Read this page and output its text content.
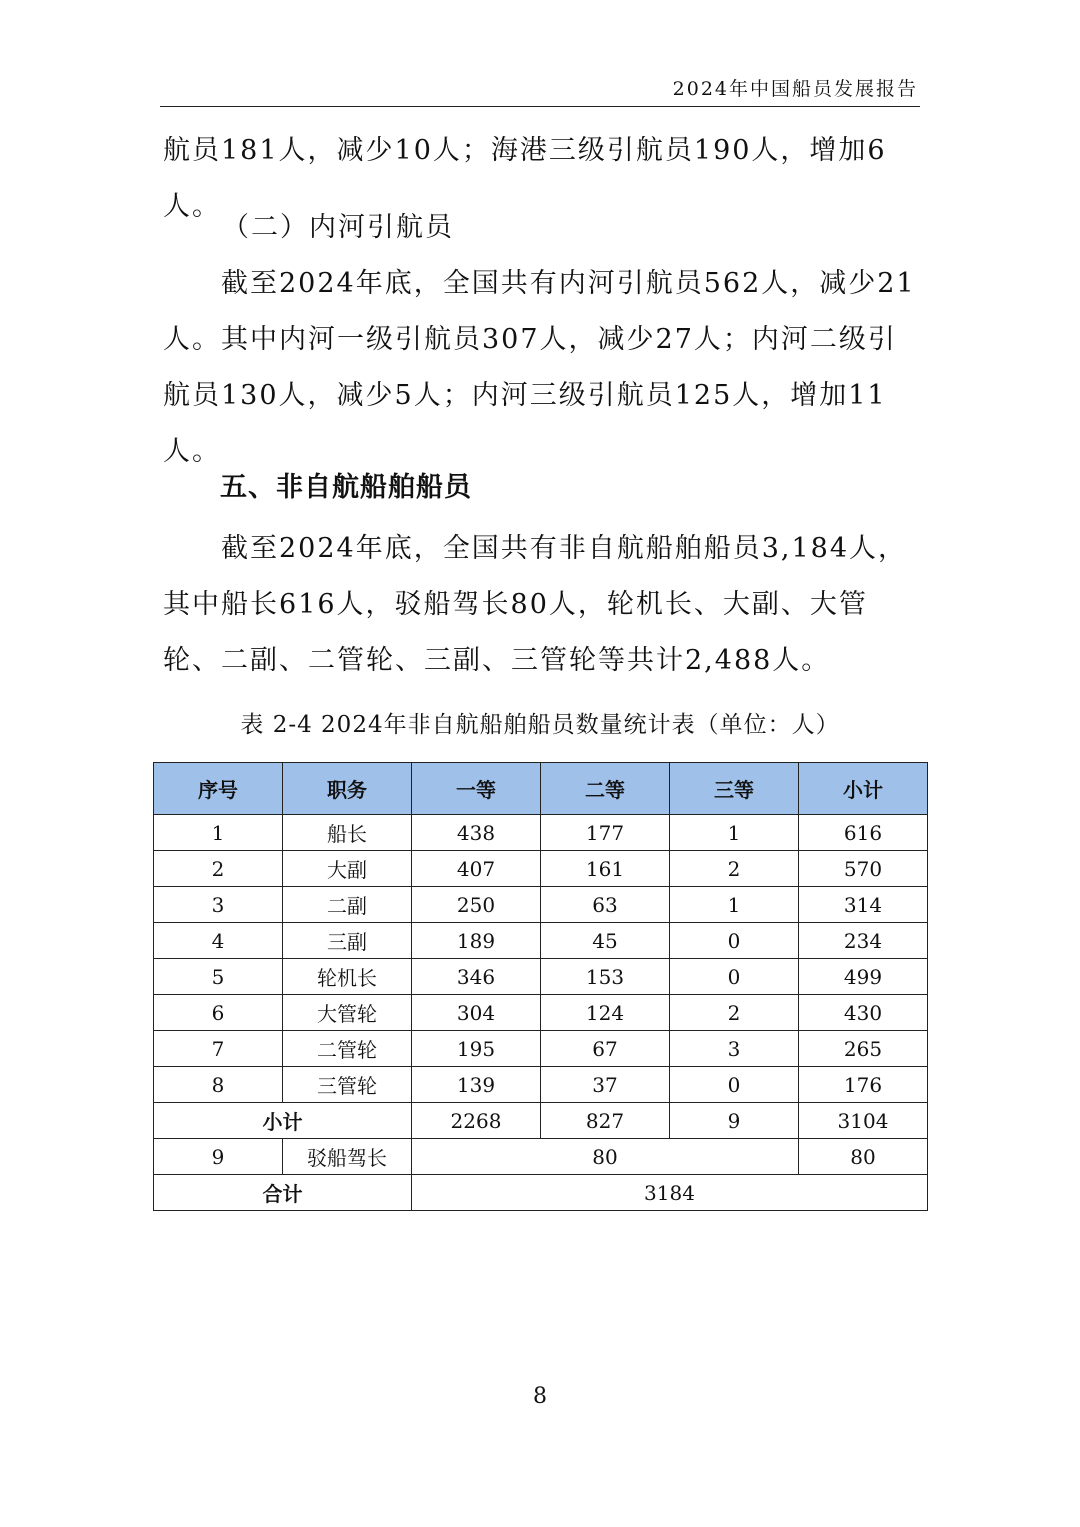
2024年中国船员发展报告

航员181人，减少10人；海港三级引航员190人，增加6人。

（二）内河引航员

截至2024年底，全国共有内河引航员562人，减少21人。其中内河一级引航员307人，减少27人；内河二级引航员130人，减少5人；内河三级引航员125人，增加11人。

五、非自航船舶船员

截至2024年底，全国共有非自航船舶船员3,184人，其中船长616人，驳船驾长80人，轮机长、大副、大管轮、二副、二管轮、三副、三管轮等共计2,488人。

表 2-4 2024年非自航船舶船员数量统计表（单位：人）
序号	职务	一等	二等	三等	小计
1	船长	438	177	1	616
2	大副	407	161	2	570
3	二副	250	63	1	314
4	三副	189	45	0	234
5	轮机长	346	153	0	499
6	大管轮	304	124	2	430
7	二管轮	195	67	3	265
8	三管轮	139	37	0	176
小计		2268	827	9	3104
9	驳船驾长	80			80
合计		3184			
8
